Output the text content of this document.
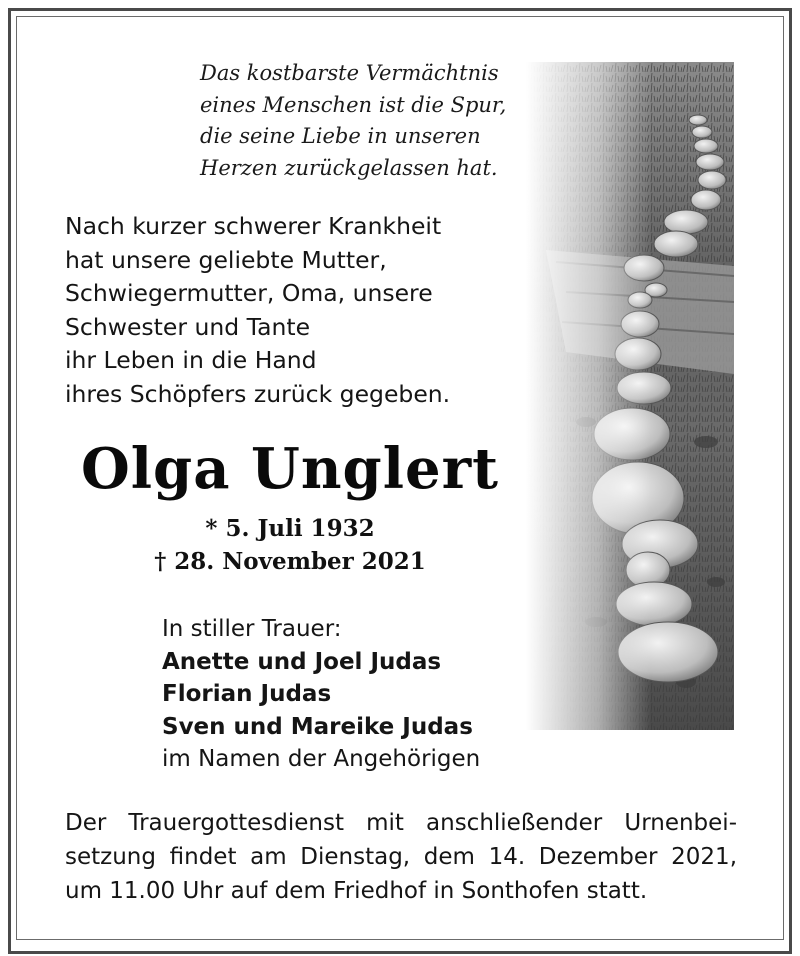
Das kostbarste Vermächtnis
eines Menschen ist die Spur,
die seine Liebe in unseren
Herzen zurückgelassen hat.
Nach kurzer schwerer Krankheit
hat unsere geliebte Mutter,
Schwiegermutter, Oma, unsere
Schwester und Tante
ihr Leben in die Hand
ihres Schöpfers zurück gegeben.
Olga Unglert
* 5. Juli 1932
† 28. November 2021
In stiller Trauer:
Anette und Joel Judas
Florian Judas
Sven und Mareike Judas
im Namen der Angehörigen
Der Trauergottesdienst mit anschließender Urnenbei-
setzung findet am Dienstag, dem 14. Dezember 2021,
um 11.00 Uhr auf dem Friedhof in Sonthofen statt.
